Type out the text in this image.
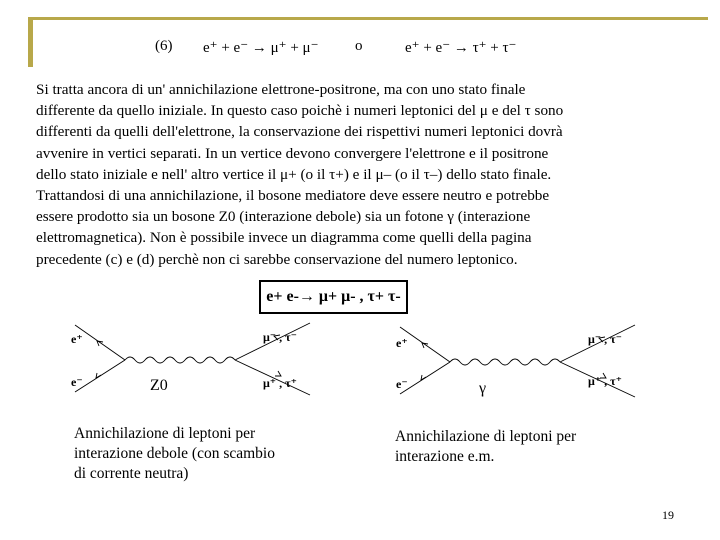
(6) e⁺ + e⁻ → μ⁺ + μ⁻ o	e⁺ + e⁻ → τ⁺ + τ⁻

Si tratta ancora di un' annichilazione elettrone-positrone, ma con uno stato finale
differente da quello iniziale. In questo caso poichè i numeri leptonici del μ e del τ sono
differenti da quelli dell'elettrone, la conservazione dei rispettivi numeri leptonici dovrà
avvenire in vertici separati. In un vertice devono convergere l'elettrone e il positrone
dello stato iniziale e nell' altro vertice il μ+ (o il τ+) e il μ– (o il τ–) dello stato finale.
Trattandosi di una annichilazione, il bosone mediatore deve essere neutro e potrebbe
essere prodotto sia un bosone Z0 (interazione debole) sia un fotone γ (interazione
elettromagnetica). Non è possibile invece un diagramma come quelli della pagina
precedente (c) e (d) perchè non ci sarebbe conservazione del numero leptonico.

e+ e-→ μ+ μ- , τ+ τ-
e⁺
e⁻
μ⁻ , τ⁻
μ⁺ , τ⁺
Z0

Annichilazione di leptoni per
interazione debole (con scambio
di corrente neutra)

e⁺
e⁻
μ⁻ , τ⁻
μ⁺ , τ⁺
γ

Annichilazione di leptoni per
interazione e.m.

19
